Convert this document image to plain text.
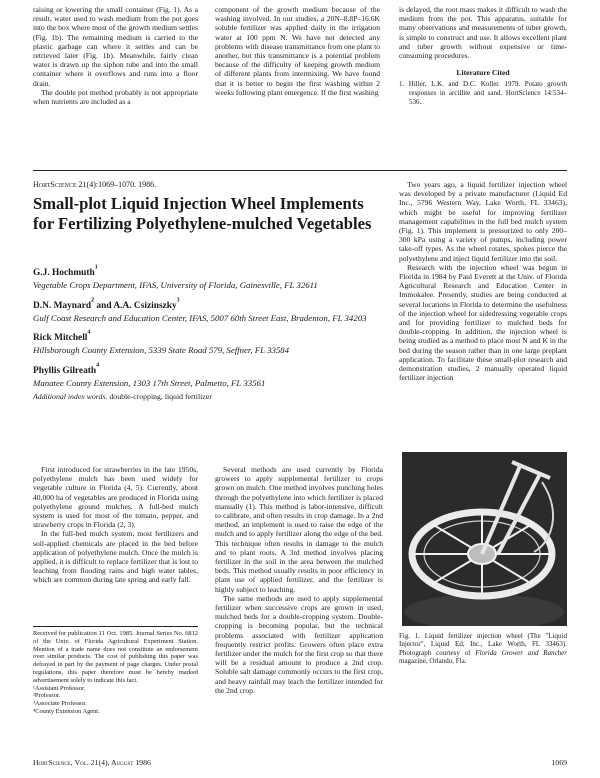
raising or lowering the small container (Fig. 1). As a result, water used to wash medium from the pot goes into the box where most of the growth medium settles (Fig. 1b). The remaining medium is carried to the plastic garbage can where it settles and can be retrieved later (Fig. 1b). Meanwhile, fairly clean water is drawn up the siphon tube and into the small container where it overflows and runs into a floor drain.

The double pot method probably is not appropriate when nutrients are included as a

component of the growth medium because of the washing involved. In our studies, a 20N–8.8P–16.6K soluble fertilizer was applied daily in the irrigation water at 100 ppm N. We have not detected any problems with disease transmittance from one plant to another, but this transmittance is a potential problem because of the difficulty of keeping growth medium of different plants from intermixing. We have found that it is better to begin the first washing within 2 weeks following plant emergence. If the first washing

is delayed, the root mass makes it difficult to wash the medium from the pot. This apparatus, suitable for many observations and measurements of tuber growth, is simple to construct and use. It allows excellent plant and tuber growth without expensive or time-consuming procedures.

Literature Cited

1. Hiller, L.K. and D.C. Koller. 1979. Potato growth responses in arcillite and sand. HortScience 14:534–536.

HortScience 21(4):1069–1070. 1986.
Small-plot Liquid Injection Wheel Implements for Fertilizing Polyethylene-mulched Vegetables
G.J. Hochmuth$^1$
Vegetable Crops Department, IFAS, University of Florida, Gainesville, FL 32611
D.N. Maynard$^2$ and A.A. Csizinszky$^3$
Gulf Coast Research and Education Center, IFAS, 5007 60th Street East, Bradenton, FL 34203
Rick Mitchell$^4$
Hillsborough County Extension, 5339 State Road 579, Seffner, FL 33584
Phyllis Gilreath$^4$
Manatee County Extension, 1303 17th Street, Palmetto, FL 33561
Additional index words. double-cropping, liquid fertilizer

Two years ago, a liquid fertilizer injection wheel was developed by a private manufacturer (Liquid Ed Inc., 5796 Western Way, Lake Worth, FL 33463), which might be useful for improving fertilizer management capabilities in the full bed mulch system (Fig. 1). This implement is pressurized to only 200–300 kPa using a variety of pumps, including power take-off types. As the wheel rotates, spokes pierce the polyethylene and inject liquid fertilizer into the soil.

Research with the injection wheel was begun in Florida in 1984 by Paul Everett at the Univ. of Florida Agricultural Research and Education Center in Immokalee. Presently, studies are being conducted at several locations in Florida to determine the usefulness of the injection wheel for sidedressing vegetable crops and for providing fertilizer to mulched beds for double-cropping. In addition, the injection wheel is being studied as a method to place most N and K in the bed during the season rather than in one large preplant application. To facilitate these small-plot research and demonstration studies, 2 manually operated liquid fertilizer injection

Fig. 1. Liquid fertilizer injection wheel (The "Liquid Injector", Liquid Ed, Inc., Lake Worth, FL 33463). Photograph courtesy of Florida Grower and Rancher magazine, Orlando, Fla.

First introduced for strawberries in the late 1950s, polyethylene mulch has been used widely for vegetable culture in Florida (4, 5). Currently, about 40,000 ha of vegetables are produced in Florida using polyethylene ground mulches. A full-bed mulch system is used for most of the tomato, pepper, and strawberry crops in Florida (2, 3).

In the full-bed mulch system, most fertilizers and soil-applied chemicals are placed in the bed before application of polyethylene mulch. Once the mulch is applied, it is difficult to replace fertilizer that is lost to leaching from flooding rains and high water tables, which are common during late spring and early fall.

Received for publication 11 Oct. 1985. Journal Series No. 6812 of the Univ. of Florida Agricultural Experiment Station. Mention of a trade name does not constitute an endorsement over similar products. The cost of publishing this paper was defrayed in part by the payment of page charges. Under postal regulations, this paper therefore must be hereby marked advertisement solely to indicate this fact.
¹Assistant Professor.
²Professor.
³Associate Professor.
⁴County Extension Agent.

Several methods are used currently by Florida growers to apply supplemental fertilizer to crops grown on mulch. One method involves punching holes through the polyethylene into which fertilizer is placed manually (1). This method is labor-intensive, difficult to calibrate, and often results in crop damage. In a 2nd method, an implement is used to raise the edge of the mulch and to apply fertilizer along the edge of the bed. This technique often results in damage to the mulch and to plant roots. A 3rd method involves placing fertilizer in the soil in the area between the mulched beds. This method usually results in poor efficiency in plant use of applied fertilizer, and the fertilizer is highly subject to leaching.

The same methods are used to apply supplemental fertilizer when successive crops are grown in used, mulched beds for a double-cropping system. Double-cropping is becoming popular, but the technical problems associated with fertilizer application frequently restrict profits. Growers often place extra fertilizer under the mulch for the first crop so that there will be a residual amount to produce a 2nd crop. Soluble salt damage commonly occurs to the first crop, and heavy rainfall may leach the fertilizer intended for the 2nd crop.

HortScience, Vol. 21(4), August 1986	1069
